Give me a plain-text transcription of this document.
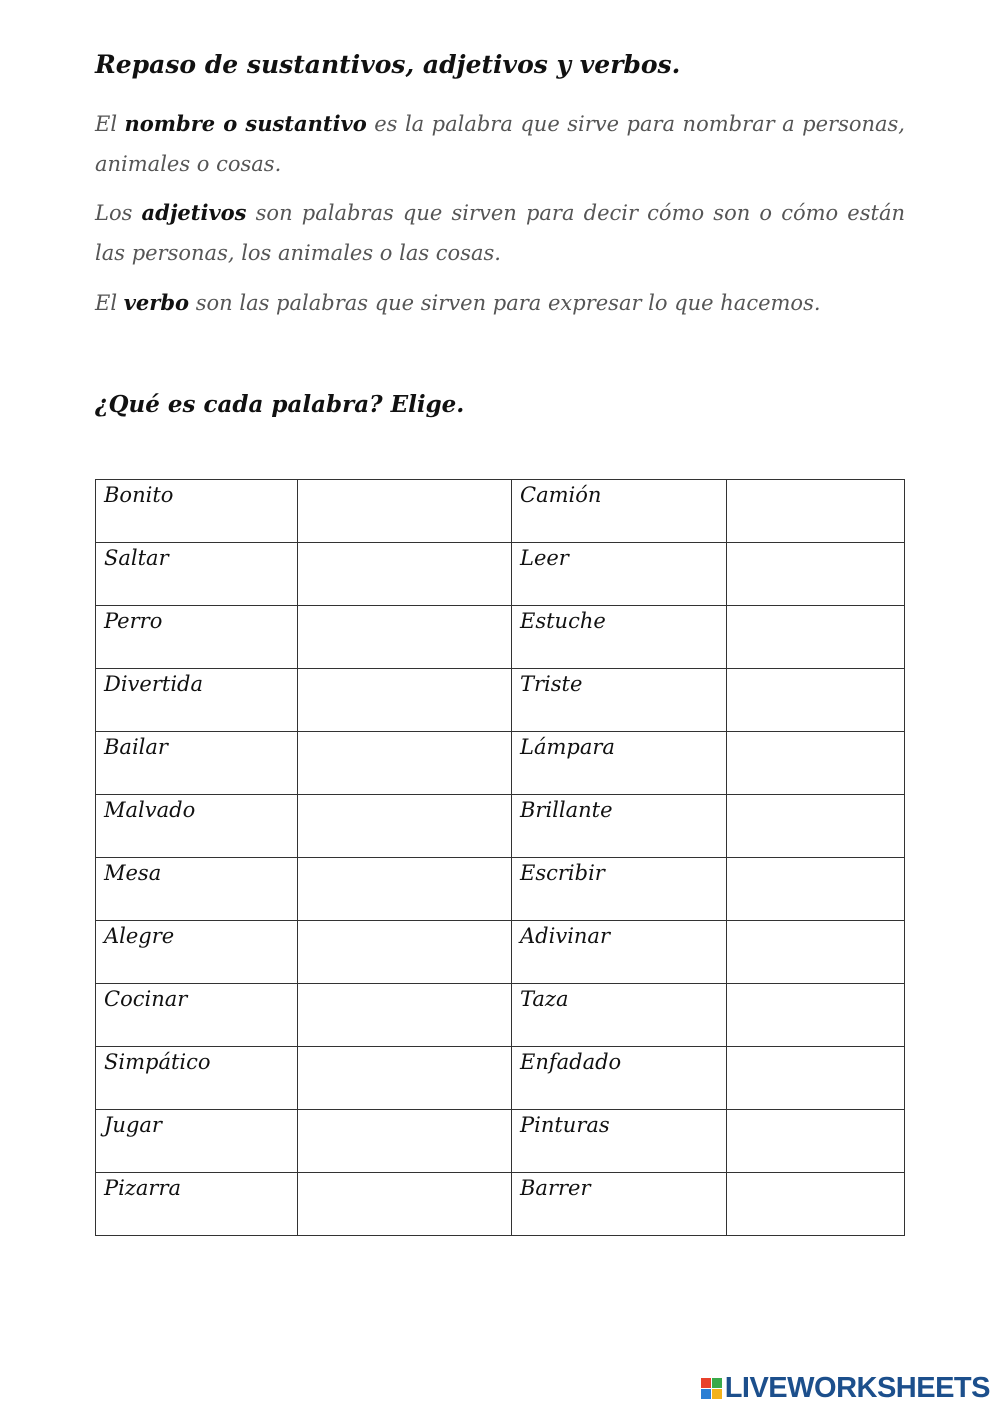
Repaso de sustantivos, adjetivos y verbos.

El nombre o sustantivo es la palabra que sirve para nombrar a personas, animales o cosas.

Los adjetivos son palabras que sirven para decir cómo son o cómo están las personas, los animales o las cosas.

El verbo son las palabras que sirven para expresar lo que hacemos.

¿Qué es cada palabra? Elige.
Bonito		Camión	
Saltar		Leer	
Perro		Estuche	
Divertida		Triste	
Bailar		Lámpara	
Malvado		Brillante	
Mesa		Escribir	
Alegre		Adivinar	
Cocinar		Taza	
Simpático		Enfadado	
Jugar		Pinturas	
Pizarra		Barrer	
LIVEWORKSHEETS
